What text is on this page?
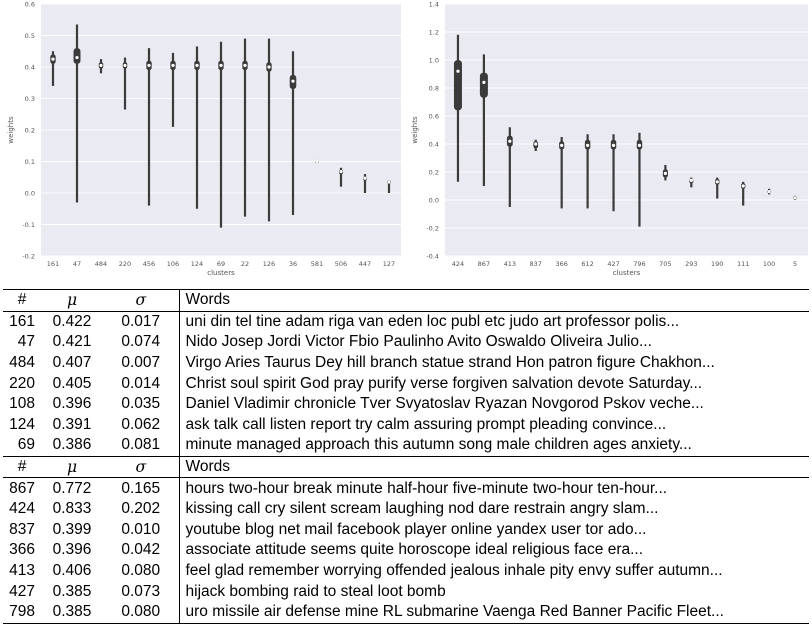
0.6
0.5
0.4
0.3
0.2
0.1
0.0
-0.1
-0.2
161 47 484 220 456 106 124 69 22 126 36 581 506 447 127
clusters
weights
1.4
1.2
1.0
0.8
0.6
0.4
0.2
0.0
-0.2
-0.4
424 867 413 837 366 612 427 796 705 293 190 111 100	5
clusters
weights
#	μ	σ	Words
161	0.422	0.017	uni din tel tine adam riga van eden loc publ etc judo art professor polis...
47	0.421	0.074	Nido Josep Jordi Victor Fbio Paulinho Avito Oswaldo Oliveira Julio...
484	0.407	0.007	Virgo Aries Taurus Dey hill branch statue strand Hon patron figure Chakhon...
220	0.405	0.014	Christ soul spirit God pray purify verse forgiven salvation devote Saturday...
108	0.396	0.035	Daniel Vladimir chronicle Tver Svyatoslav Ryazan Novgorod Pskov veche...
124	0.391	0.062	ask talk call listen report try calm assuring prompt pleading convince...
69	0.386	0.081	minute managed approach this autumn song male children ages anxiety...
#	μ	σ	Words
867	0.772	0.165	hours two-hour break minute half-hour five-minute two-hour ten-hour...
424	0.833	0.202	kissing call cry silent scream laughing nod dare restrain angry slam...
837	0.399	0.010	youtube blog net mail facebook player online yandex user tor ado...
366	0.396	0.042	associate attitude seems quite horoscope ideal religious face era...
413	0.406	0.080	feel glad remember worrying offended jealous inhale pity envy suffer autumn...
427	0.385	0.073	hijack bombing raid to steal loot bomb
798	0.385	0.080	uro missile air defense mine RL submarine Vaenga Red Banner Pacific Fleet...
